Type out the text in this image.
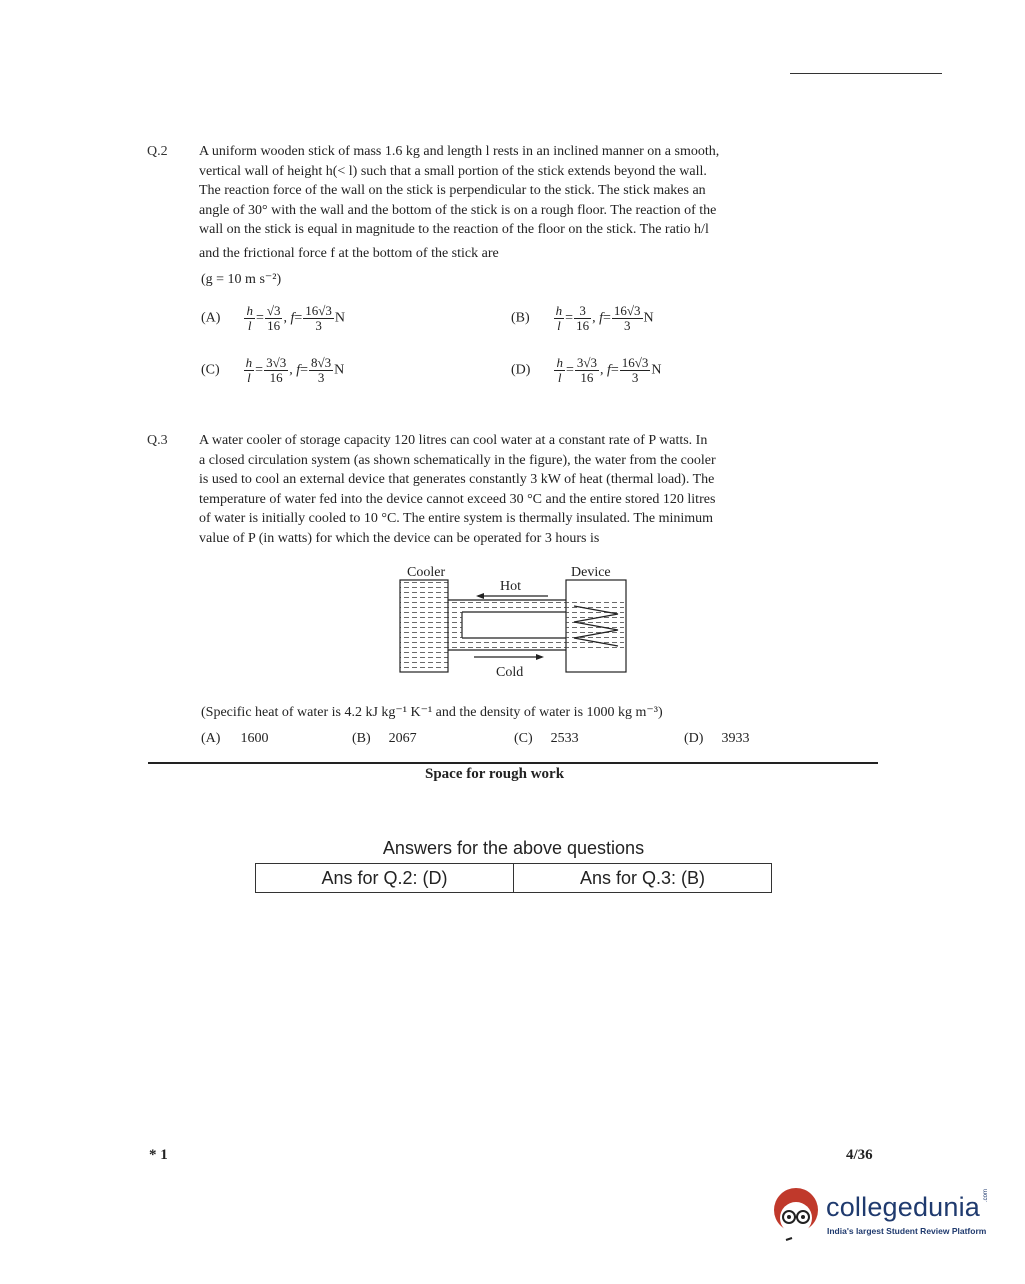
Q.2 A uniform wooden stick of mass 1.6 kg and length l rests in an inclined manner on a smooth,
vertical wall of height h(< l) such that a small portion of the stick extends beyond the wall.
The reaction force of the wall on the stick is perpendicular to the stick. The stick makes an
angle of 30° with the wall and the bottom of the stick is on a rough floor. The reaction of the
wall on the stick is equal in magnitude to the reaction of the floor on the stick. The ratio h/l
and the frictional force f at the bottom of the stick are
(g = 10 m s⁻²)
$(A) \frac{h}{l} = \frac{√3}{16}$ , $f= \frac{16√3}{3}$ N	$(B) \frac{h}{l} = \frac{3}{16}$ , $f= \frac{16√3}{3}$ N
$(C) \frac{h}{l} = \frac{3√3}{16}$ , $f= \frac{8√3}{3}$ N	$(D) \frac{h}{l} = \frac{3√3}{16}$ , $f= \frac{16√3}{3}$ N
Q.3 A water cooler of storage capacity 120 litres can cool water at a constant rate of P watts. In
a closed circulation system (as shown schematically in the figure), the water from the cooler
is used to cool an external device that generates constantly 3 kW of heat (thermal load). The
temperature of water fed into the device cannot exceed 30 °C and the entire stored 120 litres
of water is initially cooled to 10 °C. The entire system is thermally insulated. The minimum
value of P (in watts) for which the device can be operated for 3 hours is
Cooler	Device
Hot
Cold
(Specific heat of water is 4.2 kJ kg⁻¹ K⁻¹ and the density of water is 1000 kg m⁻³)
(A) 1600	(B) 2067	(C) 2533	(D) 3933
Space for rough work
Answers for the above questions
Ans for Q.2: (D)	Ans for Q.3: (B)
* 1	4/36
collegedunia .com
India's largest Student Review Platform
